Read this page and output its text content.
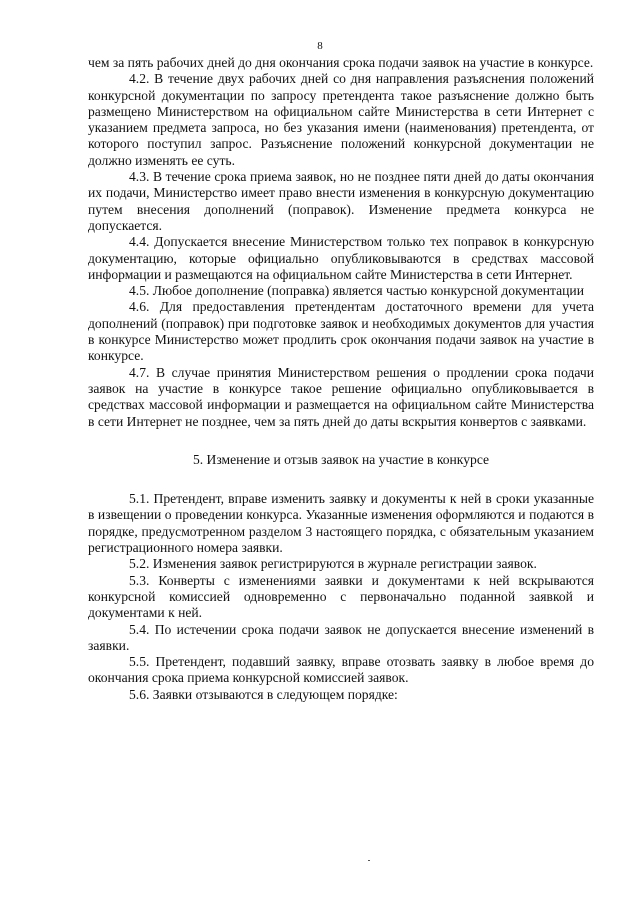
8

чем за пять рабочих дней до дня окончания срока подачи заявок на участие в конкурсе.

4.2. В течение двух рабочих дней со дня направления разъяснения положений конкурсной документации по запросу претендента такое разъяснение должно быть размещено Министерством на официальном сайте Министерства в сети Интернет с указанием предмета запроса, но без указания имени (наименования) претендента, от которого поступил запрос. Разъяснение положений конкурсной документации не должно изменять ее суть.

4.3. В течение срока приема заявок, но не позднее пяти дней до даты окончания их подачи, Министерство имеет право внести изменения в конкурсную документацию путем внесения дополнений (поправок). Изменение предмета конкурса не допускается.

4.4. Допускается внесение Министерством только тех поправок в конкурсную документацию, которые официально опубликовываются в средствах массовой информации и размещаются на официальном сайте Министерства в сети Интернет.

4.5. Любое дополнение (поправка) является частью конкурсной документации

4.6. Для предоставления претендентам достаточного времени для учета дополнений (поправок) при подготовке заявок и необходимых документов для участия в конкурсе Министерство может продлить срок окончания подачи заявок на участие в конкурсе.

4.7. В случае принятия Министерством решения о продлении срока подачи заявок на участие в конкурсе такое решение официально опубликовывается в средствах массовой информации и размещается на официальном сайте Министерства в сети Интернет не позднее, чем за пять дней до даты вскрытия конвертов с заявками.

5. Изменение и отзыв заявок на участие в конкурсе

5.1. Претендент, вправе изменить заявку и документы к ней в сроки указанные в извещении о проведении конкурса. Указанные изменения оформляются и подаются в порядке, предусмотренном разделом 3 настоящего порядка, с обязательным указанием регистрационного номера заявки.

5.2. Изменения заявок регистрируются в журнале регистрации заявок.

5.3. Конверты с изменениями заявки и документами к ней вскрываются конкурсной комиссией одновременно с первоначально поданной заявкой и документами к ней.

5.4. По истечении срока подачи заявок не допускается внесение изменений в заявки.

5.5. Претендент, подавший заявку, вправе отозвать заявку в любое время до окончания срока приема конкурсной комиссией заявок.

5.6. Заявки отзываются в следующем порядке:
